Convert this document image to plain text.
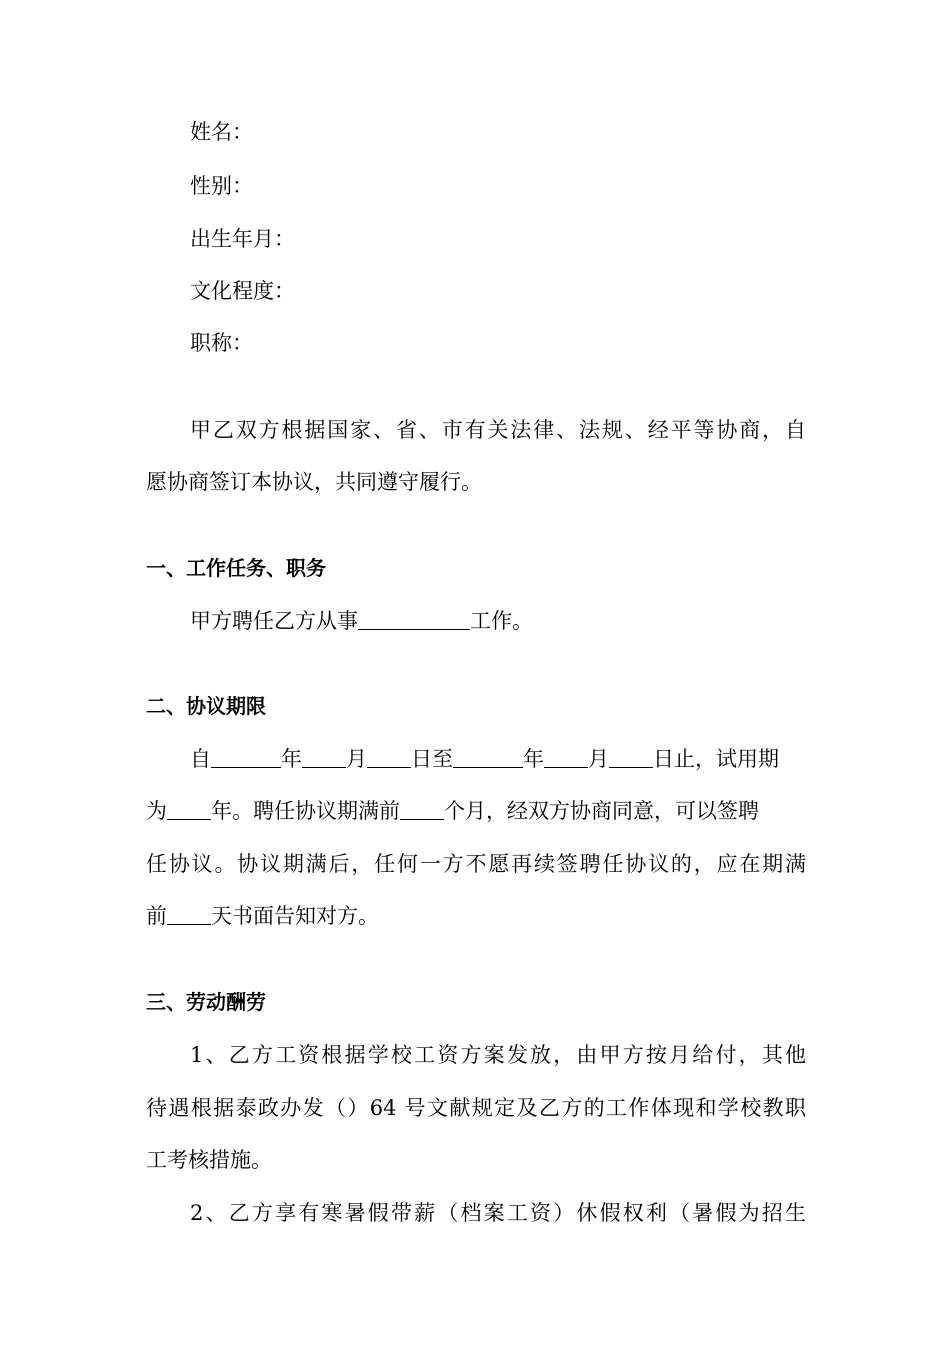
姓名：
性别：
出生年月：
文化程度：
职称：
甲乙双方根据国家、省、市有关法律、法规、经平等协商，自
愿协商签订本协议，共同遵守履行。
一、工作任务、职务
甲方聘任乙方从事	工作。
二、协议期限
自	年 月 日至	年 月 日止，试用期
为 年。聘任协议期满前 个月，经双方协商同意，可以签聘
任协议。协议期满后，任何一方不愿再续签聘任协议的，应在期满
前 天书面告知对方。
三、劳动酬劳
1、乙方工资根据学校工资方案发放，由甲方按月给付，其他
待遇根据泰政办发（）64 号文献规定及乙方的工作体现和学校教职
工考核措施。
2、乙方享有寒暑假带薪（档案工资）休假权利（暑假为招生
